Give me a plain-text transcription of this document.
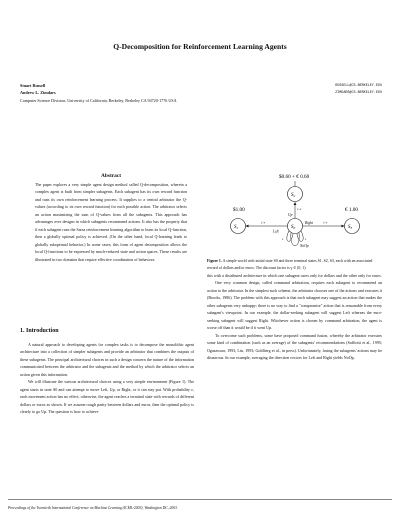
Q-Decomposition for Reinforcement Learning Agents
Stuart Russell	RUSSELL@CS.BERKELEY.EDU
Andrew L. Zimdars	ZIMDARS@CS.BERKELEY.EDU
Computer Science Division, University of California, Berkeley, Berkeley CA 94720-1776 USA
Abstract
The paper explores a very simple agent design method called Q-decomposition, wherein a complex agent is built from simpler subagents. Each subagent has its own reward function and runs its own reinforcement learning process. It supplies to a central arbitrator the Q-values (according to its own reward function) for each possible action. The arbitrator selects an action maximizing the sum of Q-values from all the subagents. This approach has advantages over designs in which subagents recommend actions. It also has the property that if each subagent runs the Sarsa reinforcement learning algorithm to learn its local Q-function, then a globally optimal policy is achieved. (On the other hand, local Q-learning leads to globally suboptimal behavior.) In some cases, this form of agent decomposition allows the local Q-functions to be expressed by much-reduced state and action spaces. These results are illustrated in two domains that require effective coordination of behaviors.
1. Introduction

A natural approach to developing agents for complex tasks is to decompose the monolithic agent architecture into a collection of simpler subagents and provide an arbitrator that combines the outputs of these subagents. The principal architectural choices in such a design concern the nature of the information communicated between the arbitrator and the subagents and the method by which the arbitrator selects an action given this information.

We will illustrate the various architectural choices using a very simple environment (Figure 1). The agent starts in state S0 and can attempt to move Left, Up, or Right, or it can stay put. With probability ε, each movement action has no effect; otherwise, the agent reaches a terminal state with rewards of different dollars or euros as shown. If we assume rough parity between dollars and euros, then the optimal policy is clearly to go Up. The question is how to achieve

$0.60 + € 0.60
$S_2$
$1.00
$S_1$
€ 1.00
$S_3$
$S_0$
1-ε
Up
1-ε
Left
1-ε
Right
ε	ε
NoOp
Figure 1. A simple world with initial state S0 and three terminal states S1, S2, S3, each with an associated reward of dollars and/or euros. The discount factor is γ ∈ (0, 1).

this with a distributed architecture in which one subagent cares only for dollars and the other only for euros.

One very common design, called command arbitration, requires each subagent to recommend an action to the arbitrator. In the simplest such scheme, the arbitrator chooses one of the actions and executes it (Brooks, 1986). The problem with this approach is that each subagent may suggest an action that makes the other subagents very unhappy; there is no way to find a "compromise" action that is reasonable from every subagent's viewpoint. In our example, the dollar-seeking subagent will suggest Left whereas the euro-seeking subagent will suggest Right. Whichever action is chosen by command arbitration, the agent is worse off than it would be if it went Up.

To overcome such problems, some have proposed command fusion, whereby the arbitrator executes some kind of combination (such as an average) of the subagents' recommendations (Saffiotti et al., 1995; Ogasawara, 1993; Lin, 1993; Goldberg et al., in press). Unfortunately, fusing the subagents' actions may be disastrous. In our example, averaging the direction vectors for Left and Right yields NoOp,

Proceedings of the Twentieth International Conference on Machine Learning (ICML-2003), Washington DC, 2003.
